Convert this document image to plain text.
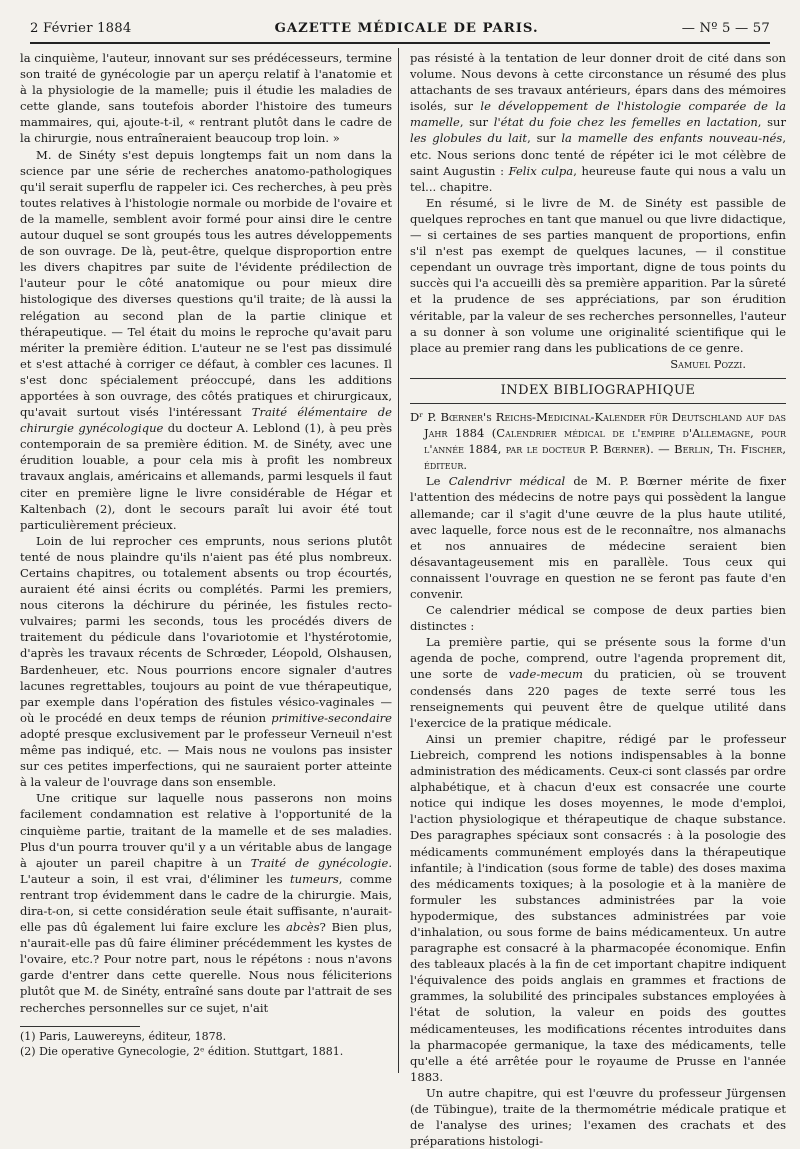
2 Février 1884	GAZETTE MÉDICALE DE PARIS.	— Nº 5 — 57

la cinquième, l'auteur, innovant sur ses prédécesseurs, termine son traité de gynécologie par un aperçu relatif à l'anatomie et à la physiologie de la mamelle; puis il étudie les maladies de cette glande, sans toutefois aborder l'histoire des tumeurs mammaires, qui, ajoute-t-il, « rentrant plutôt dans le cadre de la chirurgie, nous entraîneraient beaucoup trop loin. »

M. de Sinéty s'est depuis longtemps fait un nom dans la science par une série de recherches anatomo-pathologiques qu'il serait superflu de rappeler ici. Ces recherches, à peu près toutes relatives à l'histologie normale ou morbide de l'ovaire et de la mamelle, semblent avoir formé pour ainsi dire le centre autour duquel se sont groupés tous les autres développements de son ouvrage. De là, peut-être, quelque disproportion entre les divers chapitres par suite de l'évidente prédilection de l'auteur pour le côté anatomique ou pour mieux dire histologique des diverses questions qu'il traite; de là aussi la relégation au second plan de la partie clinique et thérapeutique. — Tel était du moins le reproche qu'avait paru mériter la première édition. L'auteur ne se l'est pas dissimulé et s'est attaché à corriger ce défaut, à combler ces lacunes. Il s'est donc spécialement préoccupé, dans les additions apportées à son ouvrage, des côtés pratiques et chirurgicaux, qu'avait surtout visés l'intéressant Traité élémentaire de chirurgie gynécologique du docteur A. Leblond (1), à peu près contemporain de sa première édition. M. de Sinéty, avec une érudition louable, a pour cela mis à profit les nombreux travaux anglais, américains et allemands, parmi lesquels il faut citer en première ligne le livre considérable de Hégar et Kaltenbach (2), dont le secours paraît lui avoir été tout particulièrement précieux.

Loin de lui reprocher ces emprunts, nous serions plutôt tenté de nous plaindre qu'ils n'aient pas été plus nombreux. Certains chapitres, ou totalement absents ou trop écourtés, auraient été ainsi écrits ou complétés. Parmi les premiers, nous citerons la déchirure du périnée, les fistules recto-vulvaires; parmi les seconds, tous les procédés divers de traitement du pédicule dans l'ovariotomie et l'hystérotomie, d'après les travaux récents de Schrœder, Léopold, Olshausen, Bardenheuer, etc. Nous pourrions encore signaler d'autres lacunes regrettables, toujours au point de vue thérapeutique, par exemple dans l'opération des fistules vésico-vaginales — où le procédé en deux temps de réunion primitive-secondaire adopté presque exclusivement par le professeur Verneuil n'est même pas indiqué, etc. — Mais nous ne voulons pas insister sur ces petites imperfections, qui ne sauraient porter atteinte à la valeur de l'ouvrage dans son ensemble.

Une critique sur laquelle nous passerons non moins facilement condamnation est relative à l'opportunité de la cinquième partie, traitant de la mamelle et de ses maladies. Plus d'un pourra trouver qu'il y a un véritable abus de langage à ajouter un pareil chapitre à un Traité de gynécologie. L'auteur a soin, il est vrai, d'éliminer les tumeurs, comme rentrant trop évidemment dans le cadre de la chirurgie. Mais, dira-t-on, si cette considération seule était suffisante, n'aurait-elle pas dû également lui faire exclure les abcès? Bien plus, n'aurait-elle pas dû faire éliminer précédemment les kystes de l'ovaire, etc.? Pour notre part, nous le répétons : nous n'avons garde d'entrer dans cette querelle. Nous nous féliciterions plutôt que M. de Sinéty, entraîné sans doute par l'attrait de ses recherches personnelles sur ce sujet, n'ait

(1) Paris, Lauwereyns, éditeur, 1878.
(2) Die operative Gynecologie, 2ᵉ édition. Stuttgart, 1881.

pas résisté à la tentation de leur donner droit de cité dans son volume. Nous devons à cette circonstance un résumé des plus attachants de ses travaux antérieurs, épars dans des mémoires isolés, sur le développement de l'histologie comparée de la mamelle, sur l'état du foie chez les femelles en lactation, sur les globules du lait, sur la mamelle des enfants nouveau-nés, etc. Nous serions donc tenté de répéter ici le mot célèbre de saint Augustin : Felix culpa, heureuse faute qui nous a valu un tel... chapitre.

En résumé, si le livre de M. de Sinéty est passible de quelques reproches en tant que manuel ou que livre didactique, — si certaines de ses parties manquent de proportions, enfin s'il n'est pas exempt de quelques lacunes, — il constitue cependant un ouvrage très important, digne de tous points du succès qui l'a accueilli dès sa première apparition. Par la sûreté et la prudence de ses appréciations, par son érudition véritable, par la valeur de ses recherches personnelles, l'auteur a su donner à son volume une originalité scientifique qui le place au premier rang dans les publications de ce genre.

Samuel Pozzi.
INDEX BIBLIOGRAPHIQUE

Dʳ P. Bœrner's Reichs-Medicinal-Kalender für Deutschland auf das Jahr 1884 (Calendrier médical de l'empire d'Allemagne, pour l'année 1884, par le docteur P. Bœrner). — Berlin, Th. Fischer, éditeur.

Le Calendrivr médical de M. P. Bœrner mérite de fixer l'attention des médecins de notre pays qui possèdent la langue allemande; car il s'agit d'une œuvre de la plus haute utilité, avec laquelle, force nous est de le reconnaître, nos almanachs et nos annuaires de médecine seraient bien désavantageusement mis en parallèle. Tous ceux qui connaissent l'ouvrage en question ne se feront pas faute d'en convenir.

Ce calendrier médical se compose de deux parties bien distinctes :

La première partie, qui se présente sous la forme d'un agenda de poche, comprend, outre l'agenda proprement dit, une sorte de vade-mecum du praticien, où se trouvent condensés dans 220 pages de texte serré tous les renseignements qui peuvent être de quelque utilité dans l'exercice de la pratique médicale.

Ainsi un premier chapitre, rédigé par le professeur Liebreich, comprend les notions indispensables à la bonne administration des médicaments. Ceux-ci sont classés par ordre alphabétique, et à chacun d'eux est consacrée une courte notice qui indique les doses moyennes, le mode d'emploi, l'action physiologique et thérapeutique de chaque substance. Des paragraphes spéciaux sont consacrés : à la posologie des médicaments communément employés dans la thérapeutique infantile; à l'indication (sous forme de table) des doses maxima des médicaments toxiques; à la posologie et à la manière de formuler les substances administrées par la voie hypodermique, des substances administrées par voie d'inhalation, ou sous forme de bains médicamenteux. Un autre paragraphe est consacré à la pharmacopée économique. Enfin des tableaux placés à la fin de cet important chapitre indiquent l'équivalence des poids anglais en grammes et fractions de grammes, la solubilité des principales substances employées à l'état de solution, la valeur en poids des gouttes médicamenteuses, les modifications récentes introduites dans la pharmacopée germanique, la taxe des médicaments, telle qu'elle a été arrêtée pour le royaume de Prusse en l'année 1883.

Un autre chapitre, qui est l'œuvre du professeur Jürgensen (de Tübingue), traite de la thermométrie médicale pratique et de l'analyse des urines; l'examen des crachats et des préparations histologi-
